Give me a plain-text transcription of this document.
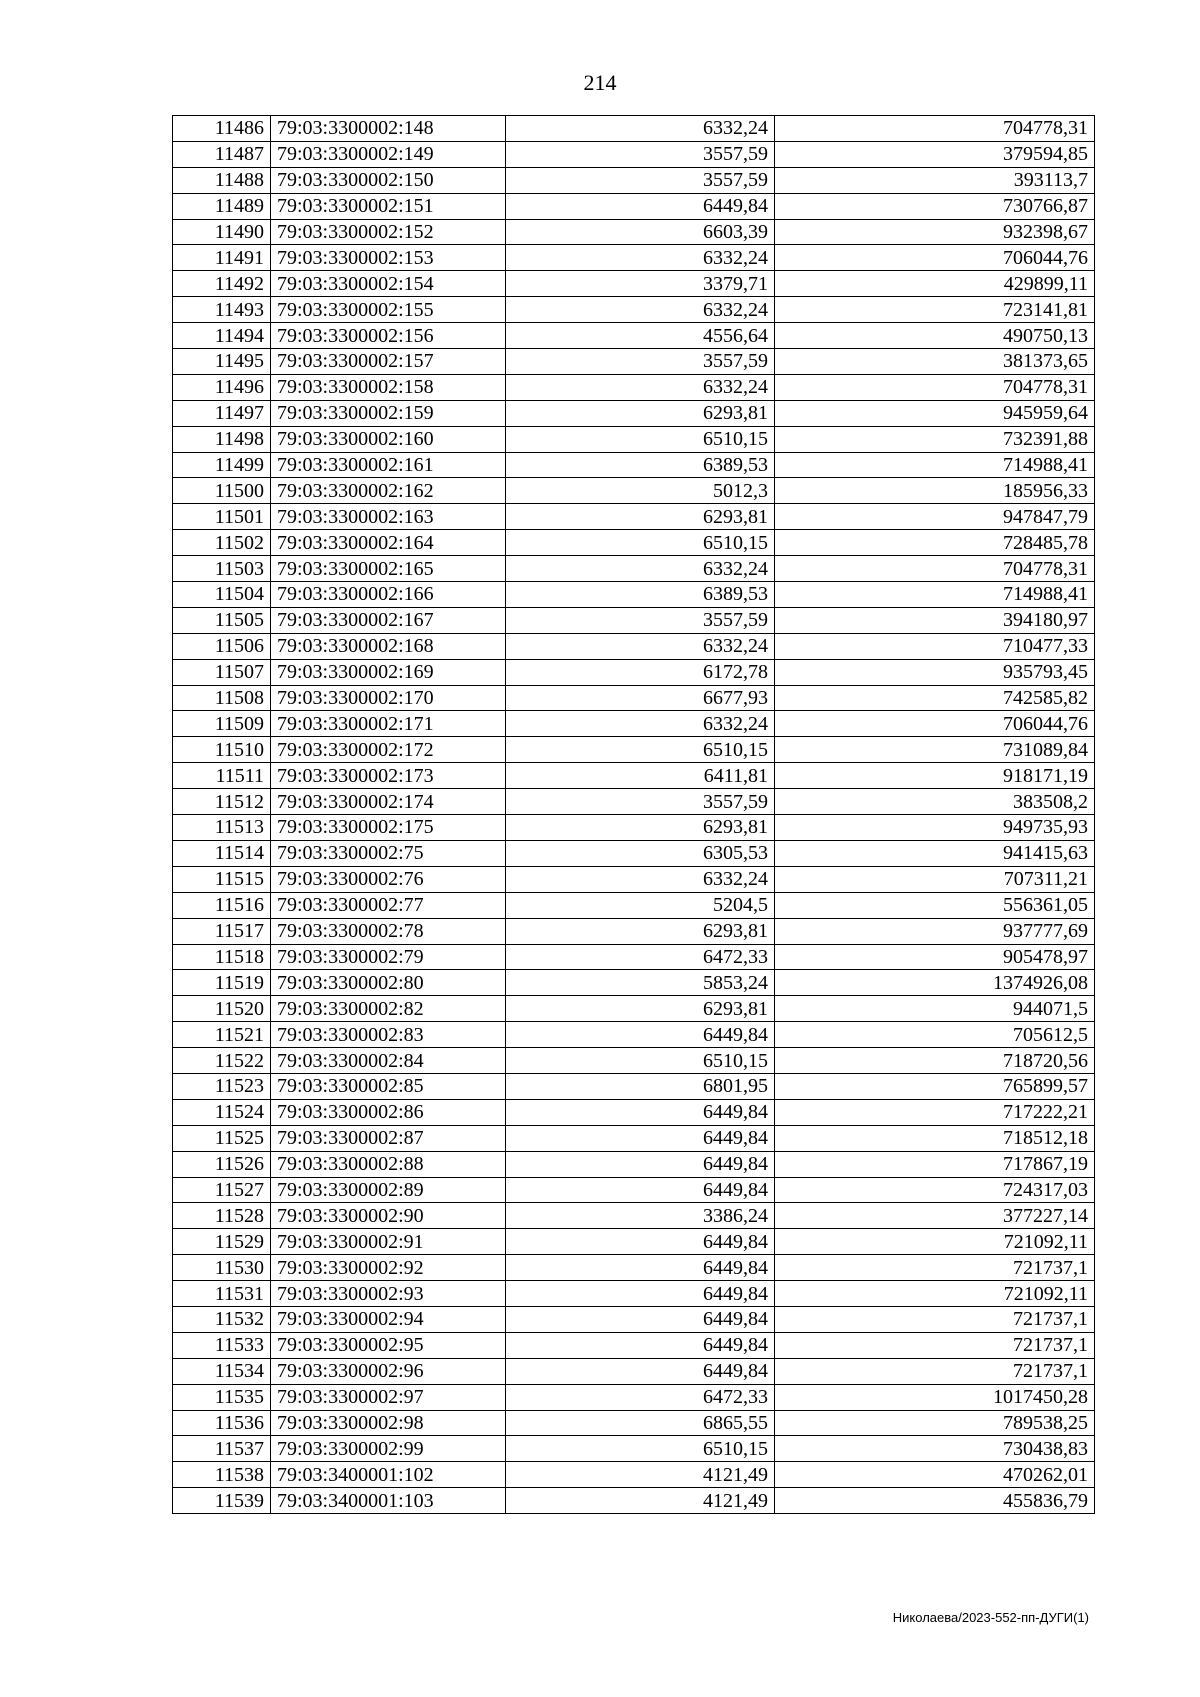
214
11486	79:03:3300002:148	6332,24	704778,31
11487	79:03:3300002:149	3557,59	379594,85
11488	79:03:3300002:150	3557,59	393113,7
11489	79:03:3300002:151	6449,84	730766,87
11490	79:03:3300002:152	6603,39	932398,67
11491	79:03:3300002:153	6332,24	706044,76
11492	79:03:3300002:154	3379,71	429899,11
11493	79:03:3300002:155	6332,24	723141,81
11494	79:03:3300002:156	4556,64	490750,13
11495	79:03:3300002:157	3557,59	381373,65
11496	79:03:3300002:158	6332,24	704778,31
11497	79:03:3300002:159	6293,81	945959,64
11498	79:03:3300002:160	6510,15	732391,88
11499	79:03:3300002:161	6389,53	714988,41
11500	79:03:3300002:162	5012,3	185956,33
11501	79:03:3300002:163	6293,81	947847,79
11502	79:03:3300002:164	6510,15	728485,78
11503	79:03:3300002:165	6332,24	704778,31
11504	79:03:3300002:166	6389,53	714988,41
11505	79:03:3300002:167	3557,59	394180,97
11506	79:03:3300002:168	6332,24	710477,33
11507	79:03:3300002:169	6172,78	935793,45
11508	79:03:3300002:170	6677,93	742585,82
11509	79:03:3300002:171	6332,24	706044,76
11510	79:03:3300002:172	6510,15	731089,84
11511	79:03:3300002:173	6411,81	918171,19
11512	79:03:3300002:174	3557,59	383508,2
11513	79:03:3300002:175	6293,81	949735,93
11514	79:03:3300002:75	6305,53	941415,63
11515	79:03:3300002:76	6332,24	707311,21
11516	79:03:3300002:77	5204,5	556361,05
11517	79:03:3300002:78	6293,81	937777,69
11518	79:03:3300002:79	6472,33	905478,97
11519	79:03:3300002:80	5853,24	1374926,08
11520	79:03:3300002:82	6293,81	944071,5
11521	79:03:3300002:83	6449,84	705612,5
11522	79:03:3300002:84	6510,15	718720,56
11523	79:03:3300002:85	6801,95	765899,57
11524	79:03:3300002:86	6449,84	717222,21
11525	79:03:3300002:87	6449,84	718512,18
11526	79:03:3300002:88	6449,84	717867,19
11527	79:03:3300002:89	6449,84	724317,03
11528	79:03:3300002:90	3386,24	377227,14
11529	79:03:3300002:91	6449,84	721092,11
11530	79:03:3300002:92	6449,84	721737,1
11531	79:03:3300002:93	6449,84	721092,11
11532	79:03:3300002:94	6449,84	721737,1
11533	79:03:3300002:95	6449,84	721737,1
11534	79:03:3300002:96	6449,84	721737,1
11535	79:03:3300002:97	6472,33	1017450,28
11536	79:03:3300002:98	6865,55	789538,25
11537	79:03:3300002:99	6510,15	730438,83
11538	79:03:3400001:102	4121,49	470262,01
11539	79:03:3400001:103	4121,49	455836,79
Николаева/2023-552-пп-ДУГИ(1)
